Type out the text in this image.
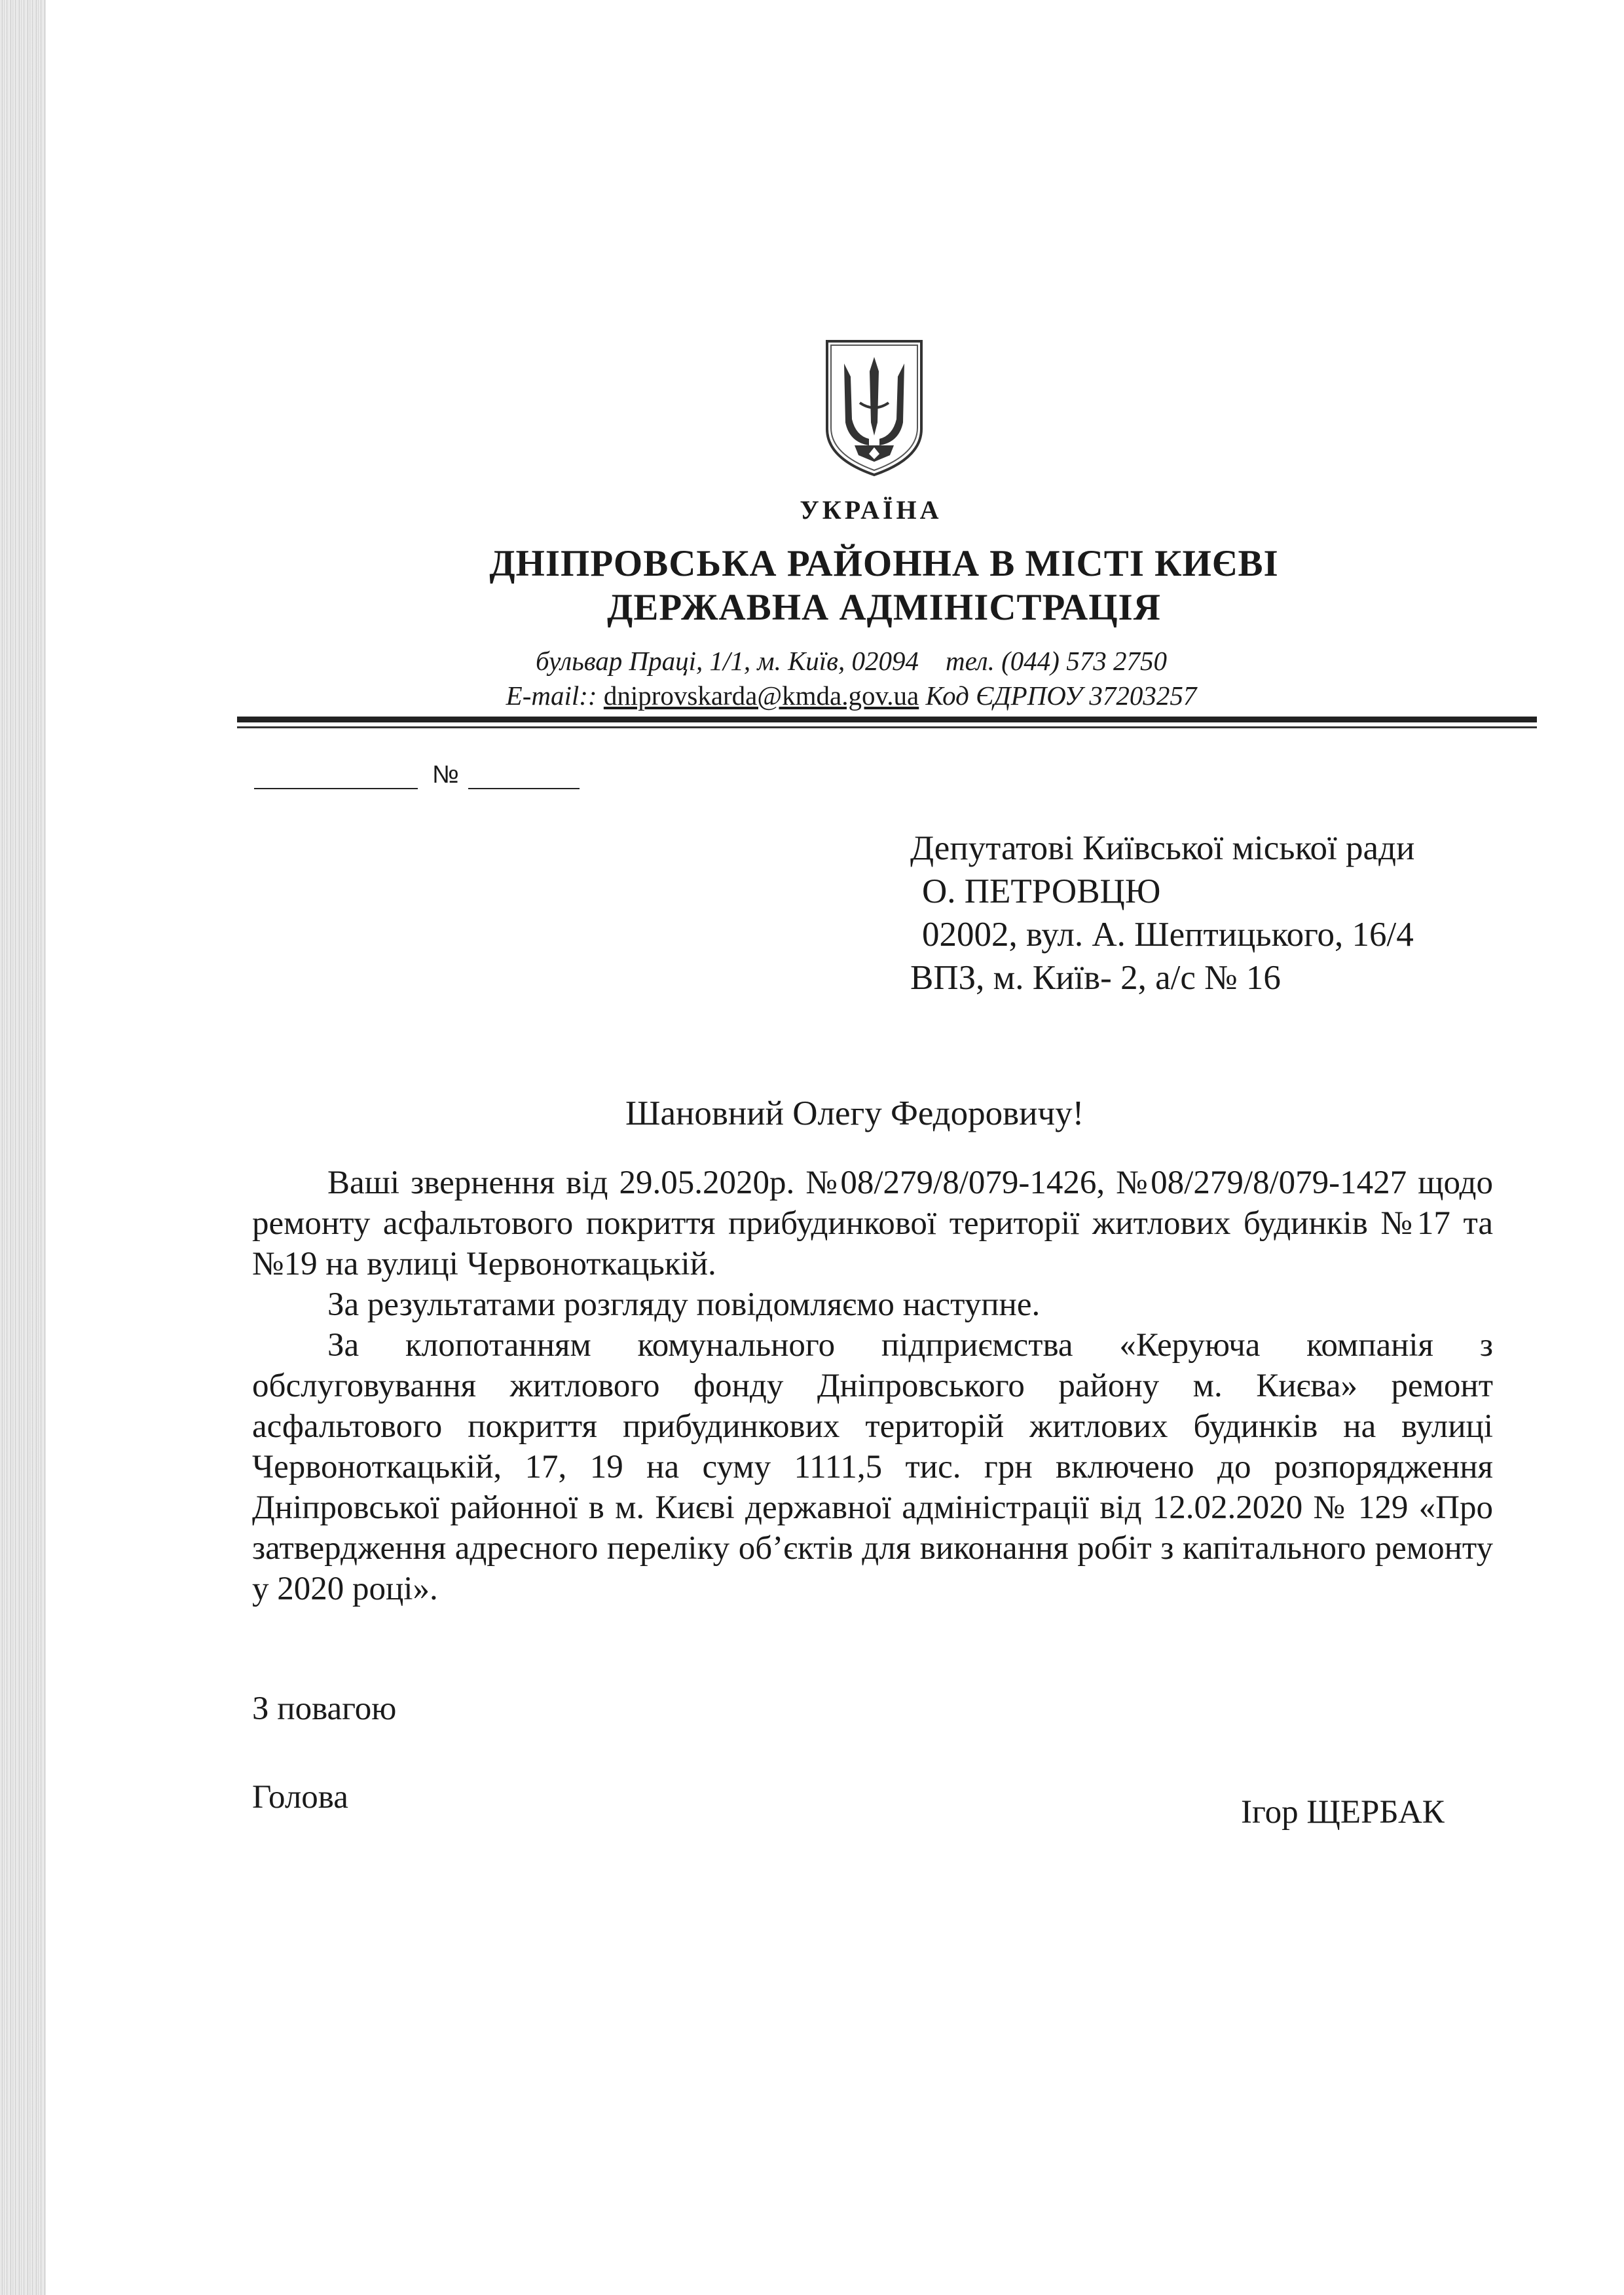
УКРАЇНА

ДНІПРОВСЬКА РАЙОННА В МІСТІ КИЄВІ

ДЕРЖАВНА АДМІНІСТРАЦІЯ

бульвар Праці, 1/1, м. Київ, 02094 тел. (044) 573 2750

E-mail:: dniprovskarda@kmda.gov.ua Код ЄДРПОУ 37203257

№
Депутатові Київської міської ради
О. ПЕТРОВЦЮ
02002, вул. А. Шептицького, 16/4
ВПЗ, м. Київ- 2, а/с № 16
Шановний Олегу Федоровичу!

Ваші звернення від 29.05.2020р. №08/279/8/079-1426, №08/279/8/079-1427 щодо ремонту асфальтового покриття прибудинкової території житлових будинків №17 та №19 на вулиці Червоноткацькій.

За результатами розгляду повідомляємо наступне.

За клопотанням комунального підприємства «Керуюча компанія з обслуговування житлового фонду Дніпровського району м. Києва» ремонт асфальтового покриття прибудинкових територій житлових будинків на вулиці Червоноткацькій, 17, 19 на суму 1111,5 тис. грн включено до розпорядження Дніпровської районної в м. Києві державної адміністрації від 12.02.2020 № 129 «Про затвердження адресного переліку об’єктів для виконання робіт з капітального ремонту у 2020 році».

З повагою
Голова	Ігор ЩЕРБАК
